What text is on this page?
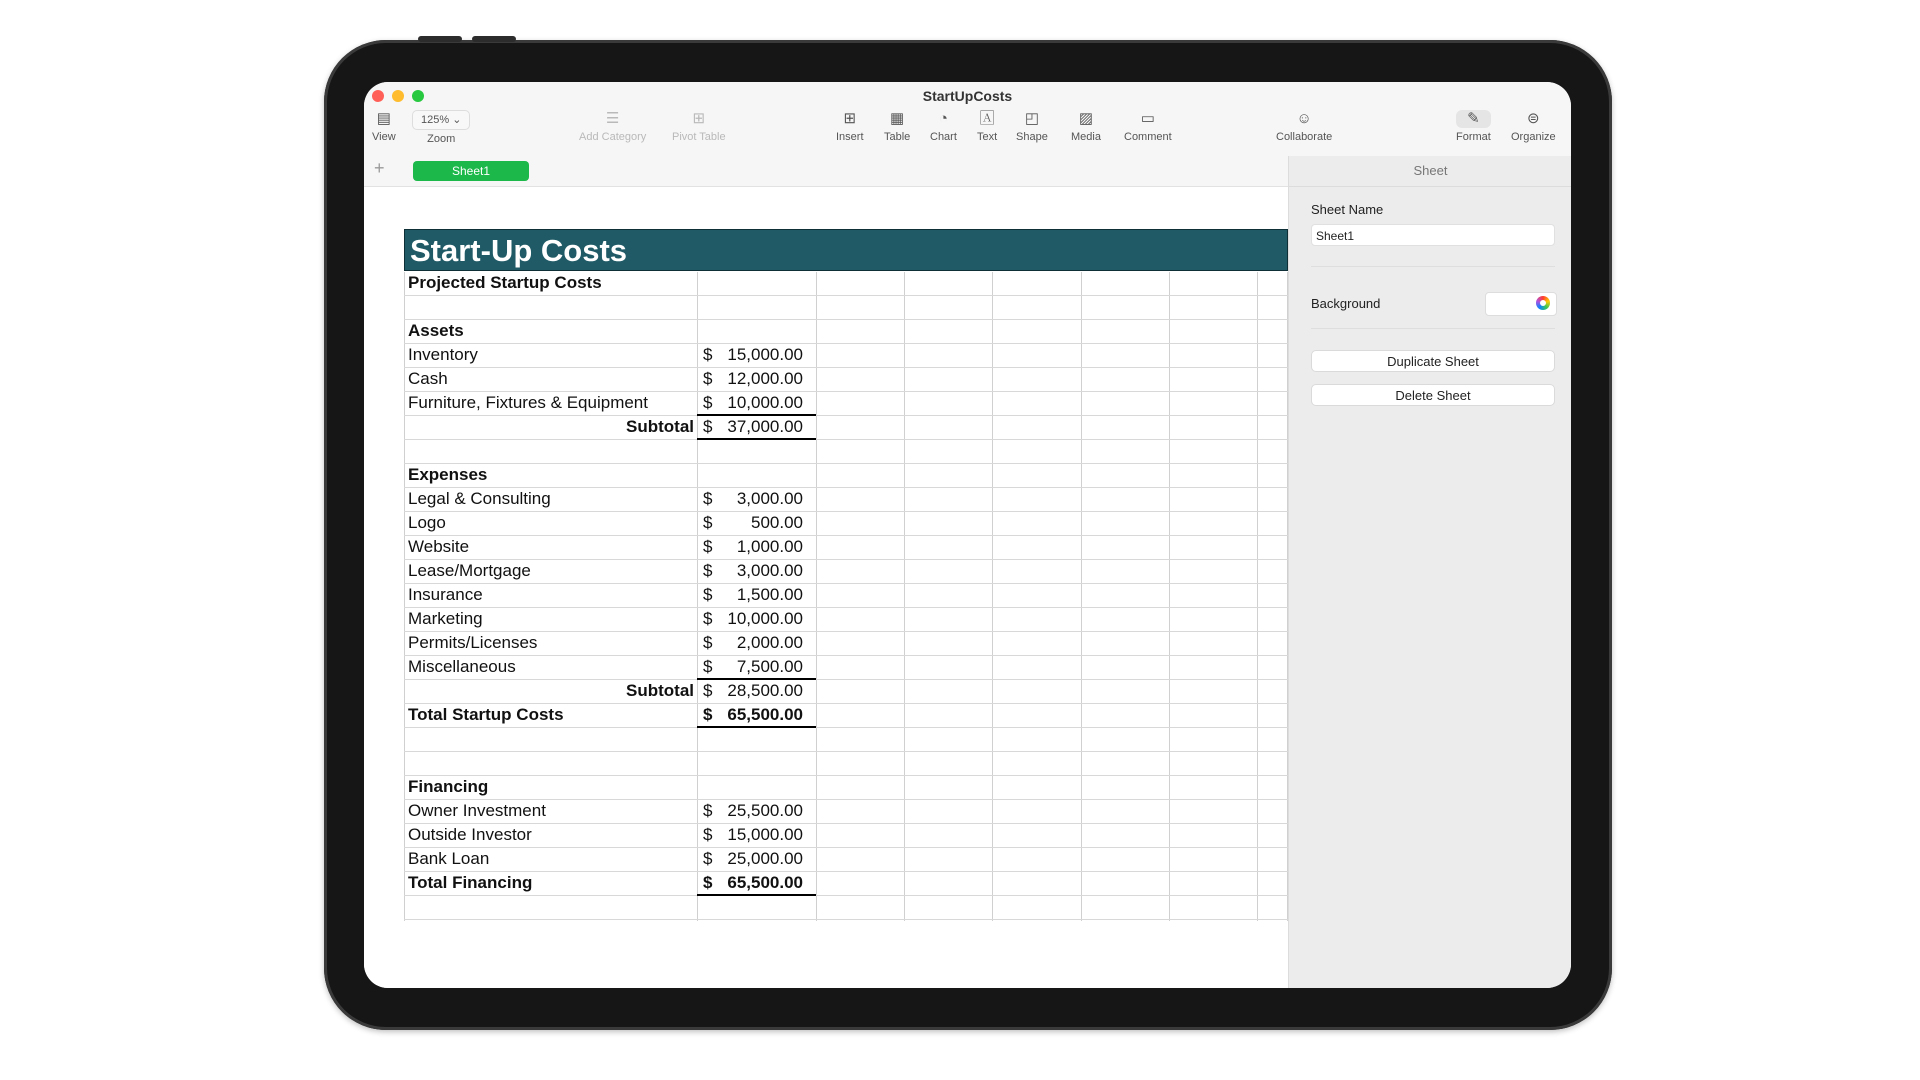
StartUpCosts
▤
View
125% ⌄
Zoom
☰
Add Category
⊞
Pivot Table
⊞
Insert
▦
Table
◔
Chart
🄰
Text
◰
Shape
▨
Media
▭
Comment
☺
Collaborate
✎
Format
⊜
Organize
+	Sheet1
Start-Up Costs
Projected Startup Costs
Assets
Inventory	$ 15,000.00
Cash	$ 12,000.00
Furniture, Fixtures & Equipment	$ 10,000.00
Subtotal $ 37,000.00
Expenses
Legal & Consulting	$ 3,000.00
Logo	$ 500.00
Website	$ 1,000.00
Lease/Mortgage	$ 3,000.00
Insurance	$ 1,500.00
Marketing	$ 10,000.00
Permits/Licenses	$ 2,000.00
Miscellaneous	$ 7,500.00
Subtotal $ 28,500.00
Total Startup Costs	$ 65,500.00
Financing
Owner Investment	$ 25,500.00
Outside Investor	$ 15,000.00
Bank Loan	$ 25,000.00
Total Financing	$ 65,500.00
Sheet
Sheet Name
Sheet1
Background
Duplicate Sheet
Delete Sheet
